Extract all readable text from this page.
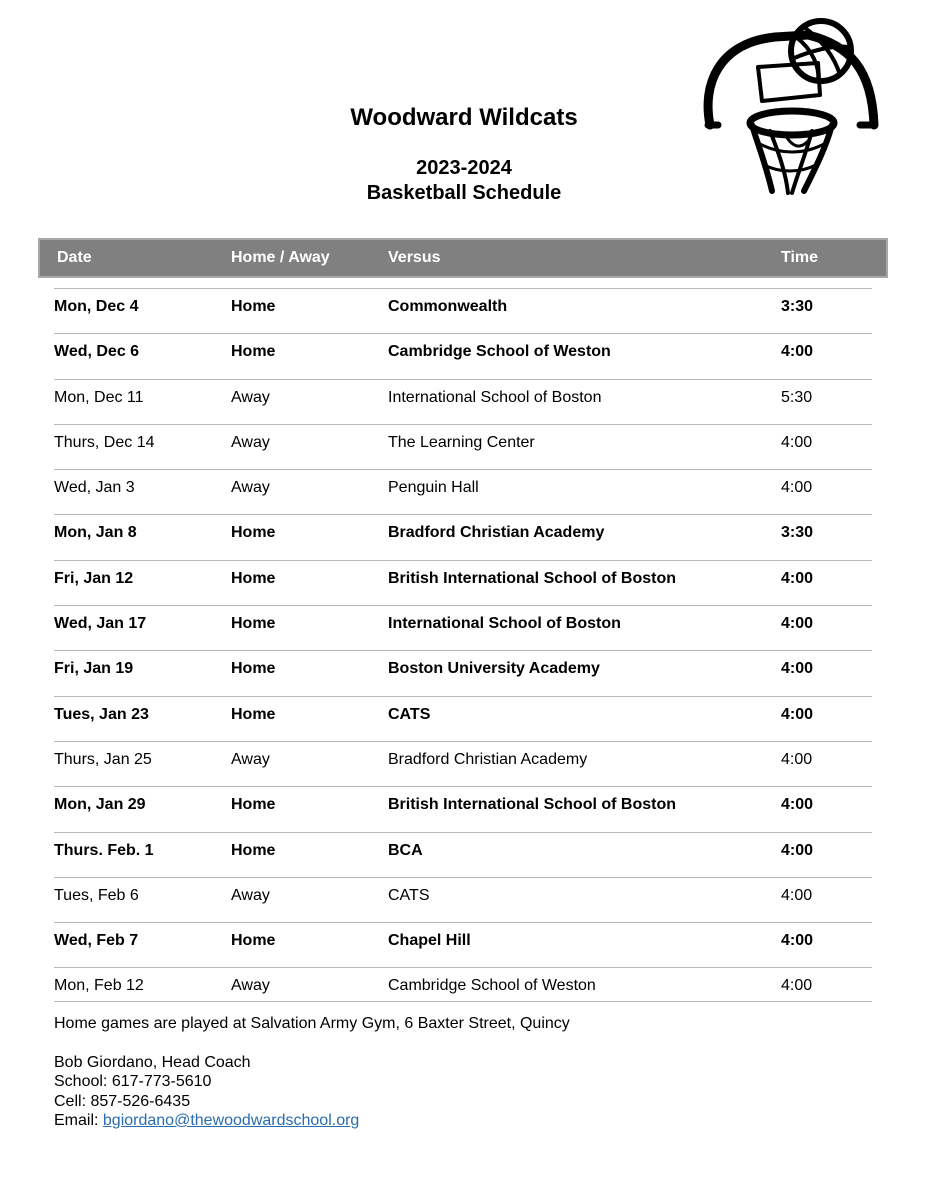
Woodward Wildcats
2023-2024
Basketball Schedule
Date	Home / Away	Versus	Time
Mon, Dec 4	Home	Commonwealth	3:30
Wed, Dec 6	Home	Cambridge School of Weston	4:00
Mon, Dec 11	Away	International School of Boston	5:30
Thurs, Dec 14	Away	The Learning Center	4:00
Wed, Jan 3	Away	Penguin Hall	4:00
Mon, Jan 8	Home	Bradford Christian Academy	3:30
Fri, Jan 12	Home	British International School of Boston	4:00
Wed, Jan 17	Home	International School of Boston	4:00
Fri, Jan 19	Home	Boston University Academy	4:00
Tues, Jan 23	Home	CATS	4:00
Thurs, Jan 25	Away	Bradford Christian Academy	4:00
Mon, Jan 29	Home	British International School of Boston	4:00
Thurs. Feb. 1	Home	BCA	4:00
Tues, Feb 6	Away	CATS	4:00
Wed, Feb 7	Home	Chapel Hill	4:00
Mon, Feb 12	Away	Cambridge School of Weston	4:00
Home games are played at Salvation Army Gym, 6 Baxter Street, Quincy
Bob Giordano, Head Coach
School: 617-773-5610
Cell: 857-526-6435
Email: bgiordano@thewoodwardschool.org
